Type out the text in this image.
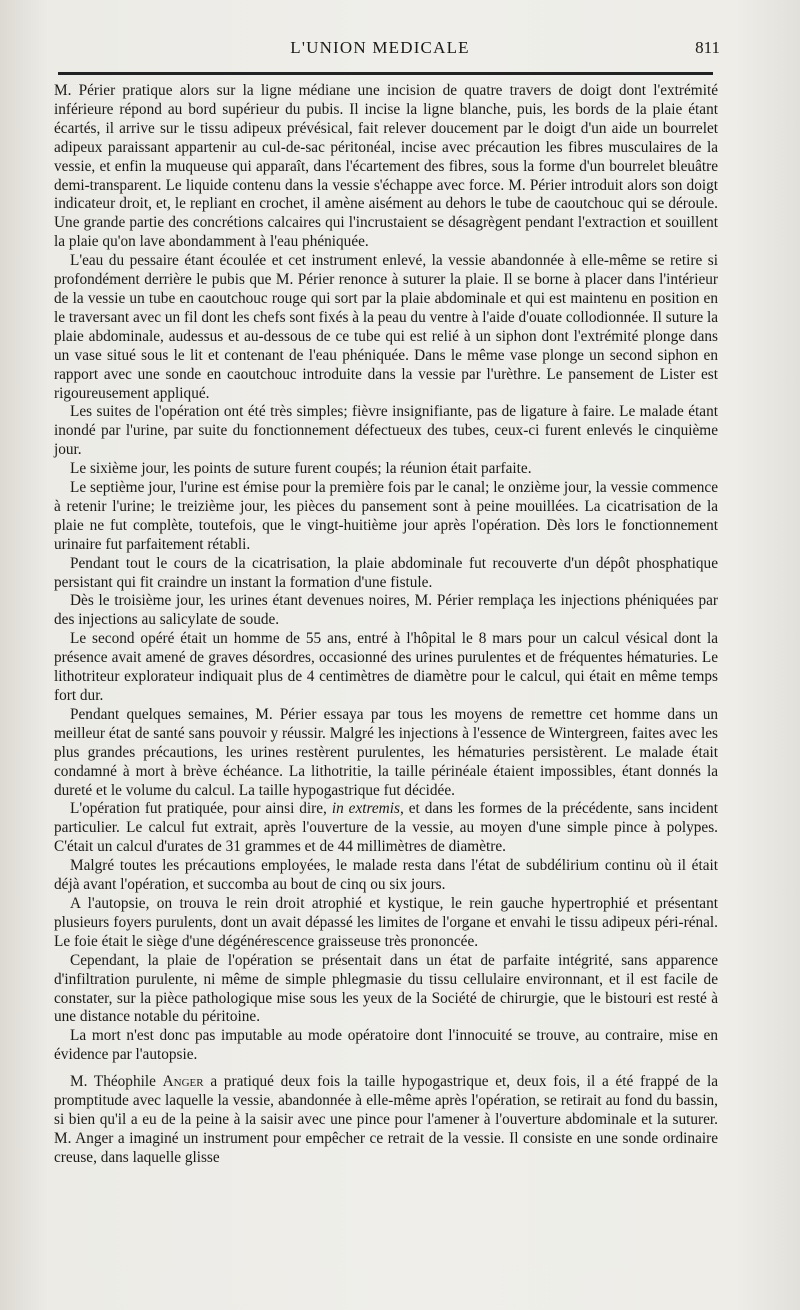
L'UNION MEDICALE	811

M. Périer pratique alors sur la ligne médiane une incision de quatre travers de doigt dont l'extrémité inférieure répond au bord supérieur du pubis. Il incise la ligne blanche, puis, les bords de la plaie étant écartés, il arrive sur le tissu adipeux prévésical, fait relever doucement par le doigt d'un aide un bourrelet adipeux paraissant appartenir au cul-de-sac péritonéal, incise avec précaution les fibres musculaires de la vessie, et enfin la muqueuse qui apparaît, dans l'écartement des fibres, sous la forme d'un bourrelet bleuâtre demi-transparent. Le liquide contenu dans la vessie s'échappe avec force. M. Périer introduit alors son doigt indicateur droit, et, le repliant en crochet, il amène aisément au dehors le tube de caoutchouc qui se déroule. Une grande partie des concrétions calcaires qui l'incrustaient se désagrègent pendant l'extraction et souillent la plaie qu'on lave abondamment à l'eau phéniquée.

L'eau du pessaire étant écoulée et cet instrument enlevé, la vessie abandonnée à elle-même se retire si profondément derrière le pubis que M. Périer renonce à suturer la plaie. Il se borne à placer dans l'intérieur de la vessie un tube en caoutchouc rouge qui sort par la plaie abdominale et qui est maintenu en position en le traversant avec un fil dont les chefs sont fixés à la peau du ventre à l'aide d'ouate collodionnée. Il suture la plaie abdominale, audessus et au-dessous de ce tube qui est relié à un siphon dont l'extrémité plonge dans un vase situé sous le lit et contenant de l'eau phéniquée. Dans le même vase plonge un second siphon en rapport avec une sonde en caoutchouc introduite dans la vessie par l'urèthre. Le pansement de Lister est rigoureusement appliqué.

Les suites de l'opération ont été très simples; fièvre insignifiante, pas de ligature à faire. Le malade étant inondé par l'urine, par suite du fonctionnement défectueux des tubes, ceux-ci furent enlevés le cinquième jour.

Le sixième jour, les points de suture furent coupés; la réunion était parfaite.

Le septième jour, l'urine est émise pour la première fois par le canal; le onzième jour, la vessie commence à retenir l'urine; le treizième jour, les pièces du pansement sont à peine mouillées. La cicatrisation de la plaie ne fut complète, toutefois, que le vingt-huitième jour après l'opération. Dès lors le fonctionnement urinaire fut parfaitement rétabli.

Pendant tout le cours de la cicatrisation, la plaie abdominale fut recouverte d'un dépôt phosphatique persistant qui fit craindre un instant la formation d'une fistule.

Dès le troisième jour, les urines étant devenues noires, M. Périer remplaça les injections phéniquées par des injections au salicylate de soude.

Le second opéré était un homme de 55 ans, entré à l'hôpital le 8 mars pour un calcul vésical dont la présence avait amené de graves désordres, occasionné des urines purulentes et de fréquentes hématuries. Le lithotriteur explorateur indiquait plus de 4 centimètres de diamètre pour le calcul, qui était en même temps fort dur.

Pendant quelques semaines, M. Périer essaya par tous les moyens de remettre cet homme dans un meilleur état de santé sans pouvoir y réussir. Malgré les injections à l'essence de Wintergreen, faites avec les plus grandes précautions, les urines restèrent purulentes, les hématuries persistèrent. Le malade était condamné à mort à brève échéance. La lithotritie, la taille périnéale étaient impossibles, étant donnés la dureté et le volume du calcul. La taille hypogastrique fut décidée.

L'opération fut pratiquée, pour ainsi dire, in extremis, et dans les formes de la précédente, sans incident particulier. Le calcul fut extrait, après l'ouverture de la vessie, au moyen d'une simple pince à polypes. C'était un calcul d'urates de 31 grammes et de 44 millimètres de diamètre.

Malgré toutes les précautions employées, le malade resta dans l'état de subdélirium continu où il était déjà avant l'opération, et succomba au bout de cinq ou six jours.

A l'autopsie, on trouva le rein droit atrophié et kystique, le rein gauche hypertrophié et présentant plusieurs foyers purulents, dont un avait dépassé les limites de l'organe et envahi le tissu adipeux péri-rénal. Le foie était le siège d'une dégénérescence graisseuse très prononcée.

Cependant, la plaie de l'opération se présentait dans un état de parfaite intégrité, sans apparence d'infiltration purulente, ni même de simple phlegmasie du tissu cellulaire environnant, et il est facile de constater, sur la pièce pathologique mise sous les yeux de la Société de chirurgie, que le bistouri est resté à une distance notable du péritoine.

La mort n'est donc pas imputable au mode opératoire dont l'innocuité se trouve, au contraire, mise en évidence par l'autopsie.

M. Théophile Anger a pratiqué deux fois la taille hypogastrique et, deux fois, il a été frappé de la promptitude avec laquelle la vessie, abandonnée à elle-même après l'opération, se retirait au fond du bassin, si bien qu'il a eu de la peine à la saisir avec une pince pour l'amener à l'ouverture abdominale et la suturer. M. Anger a imaginé un instrument pour empêcher ce retrait de la vessie. Il consiste en une sonde ordinaire creuse, dans laquelle glisse
